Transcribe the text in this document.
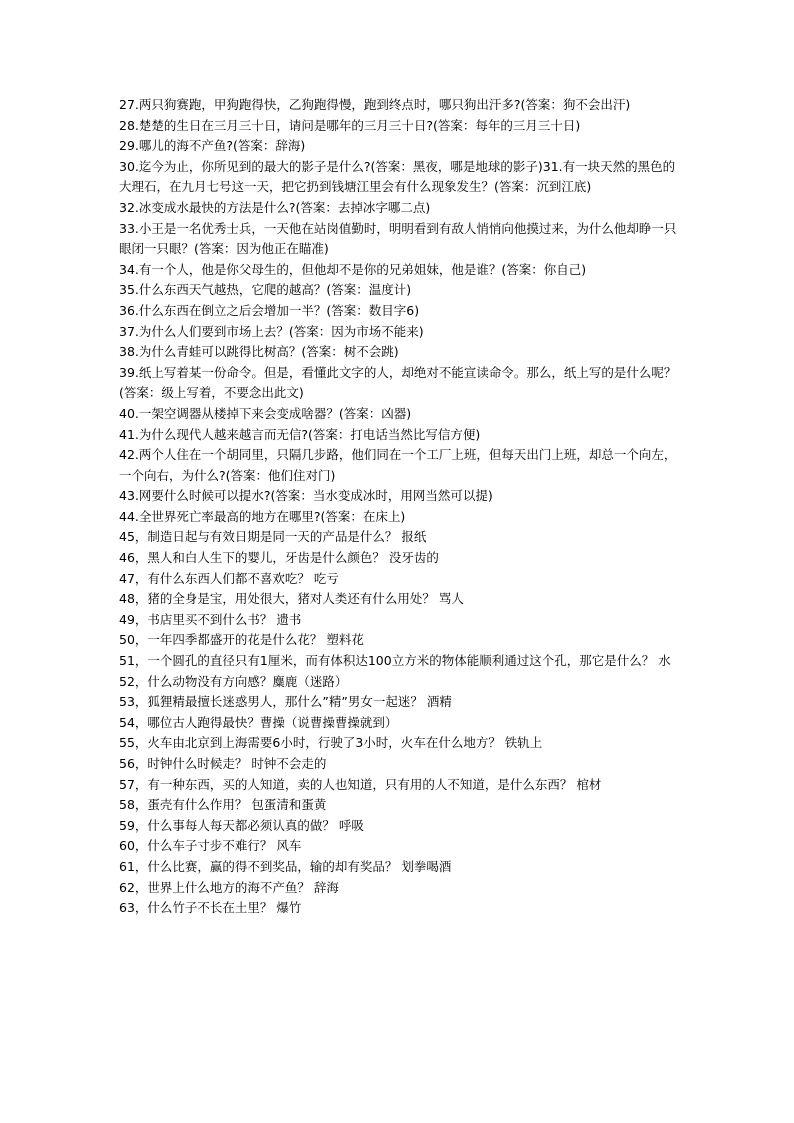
27.两只狗赛跑，甲狗跑得快，乙狗跑得慢，跑到终点时，哪只狗出汗多?(答案：狗不会出汗)

28.楚楚的生日在三月三十日，请问是哪年的三月三十日?(答案：每年的三月三十日)

29.哪儿的海不产鱼?(答案：辞海)

30.迄今为止，你所见到的最大的影子是什么?(答案：黑夜，哪是地球的影子)31.有一块天然的黑色的大理石，在九月七号这一天，把它扔到钱塘江里会有什么现象发生？(答案：沉到江底)

32.冰变成水最快的方法是什么?(答案：去掉冰字哪二点)

33.小王是一名优秀士兵，一天他在站岗值勤时，明明看到有敌人悄悄向他摸过来，为什么他却睁一只眼闭一只眼？(答案：因为他正在瞄准)

34.有一个人，他是你父母生的，但他却不是你的兄弟姐妹，他是谁？(答案：你自己)

35.什么东西天气越热，它爬的越高？(答案：温度计)

36.什么东西在倒立之后会增加一半？(答案：数目字6)

37.为什么人们要到市场上去？(答案：因为市场不能来)

38.为什么青蛙可以跳得比树高？(答案：树不会跳)

39.纸上写着某一份命令。但是，看懂此文字的人，却绝对不能宣读命令。那么，纸上写的是什么呢？(答案：级上写着，不要念出此文)

40.一架空调器从楼掉下来会变成啥器？(答案：凶器)

41.为什么现代人越来越言而无信?(答案：打电话当然比写信方便)

42.两个人住在一个胡同里，只隔几步路，他们同在一个工厂上班，但每天出门上班，却总一个向左，一个向右，为什么?(答案：他们住对门)

43.网要什么时候可以提水?(答案：当水变成冰时，用网当然可以提)

44.全世界死亡率最高的地方在哪里?(答案：在床上)

45，制造日起与有效日期是同一天的产品是什么？ 报纸

46，黑人和白人生下的婴儿，牙齿是什么颜色？ 没牙齿的

47，有什么东西人们都不喜欢吃？ 吃亏

48，猪的全身是宝，用处很大，猪对人类还有什么用处？ 骂人

49，书店里买不到什么书？ 遗书

50，一年四季都盛开的花是什么花？ 塑料花

51，一个圆孔的直径只有1厘米，而有体积达100立方米的物体能顺利通过这个孔，那它是什么？ 水

52，什么动物没有方向感？麋鹿（迷路）

53，狐狸精最擅长迷惑男人，那什么”精”男女一起迷？ 酒精

54，哪位古人跑得最快？曹操（说曹操曹操就到）

55，火车由北京到上海需要6小时，行驶了3小时，火车在什么地方？ 铁轨上

56，时钟什么时候走？ 时钟不会走的

57，有一种东西，买的人知道，卖的人也知道，只有用的人不知道，是什么东西？ 棺材

58，蛋壳有什么作用？ 包蛋清和蛋黄

59，什么事每人每天都必须认真的做？ 呼吸

60，什么车子寸步不难行？ 风车

61，什么比赛，赢的得不到奖品，输的却有奖品？ 划拳喝酒

62，世界上什么地方的海不产鱼？ 辞海

63，什么竹子不长在土里？ 爆竹
